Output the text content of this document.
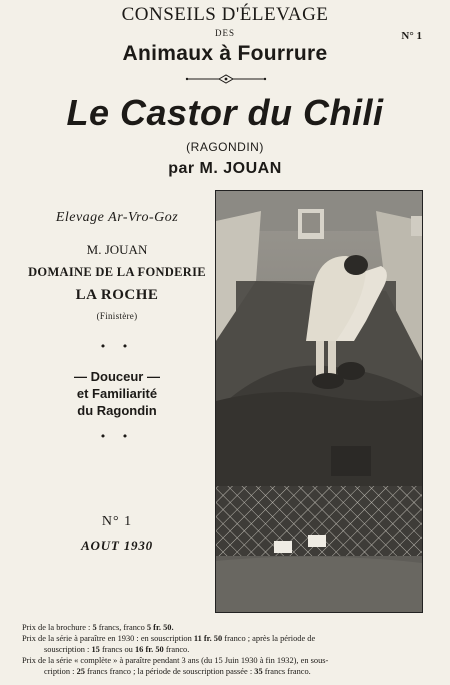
CONSEILS D'ÉLEVAGE
N° 1
DES
Animaux à Fourrure
Le Castor du Chili
(RAGONDIN)
par M. JOUAN
Elevage Ar-Vro-Goz
M. JOUAN
DOMAINE DE LA FONDERIE
LA ROCHE
(Finistère)
• •
— Douceur —
et Familiarité
du Ragondin
• •
N° 1
AOUT 1930
Prix de la brochure : 5 francs, franco 5 fr. 50.
Prix de la série à paraître en 1930 : en souscription 11 fr. 50 franco ; après la période de
souscription : 15 francs ou 16 fr. 50 franco.
Prix de la série « complète » à paraître pendant 3 ans (du 15 Juin 1930 à fin 1932), en sous-
cription : 25 francs franco ; la période de souscription passée : 35 francs franco.
